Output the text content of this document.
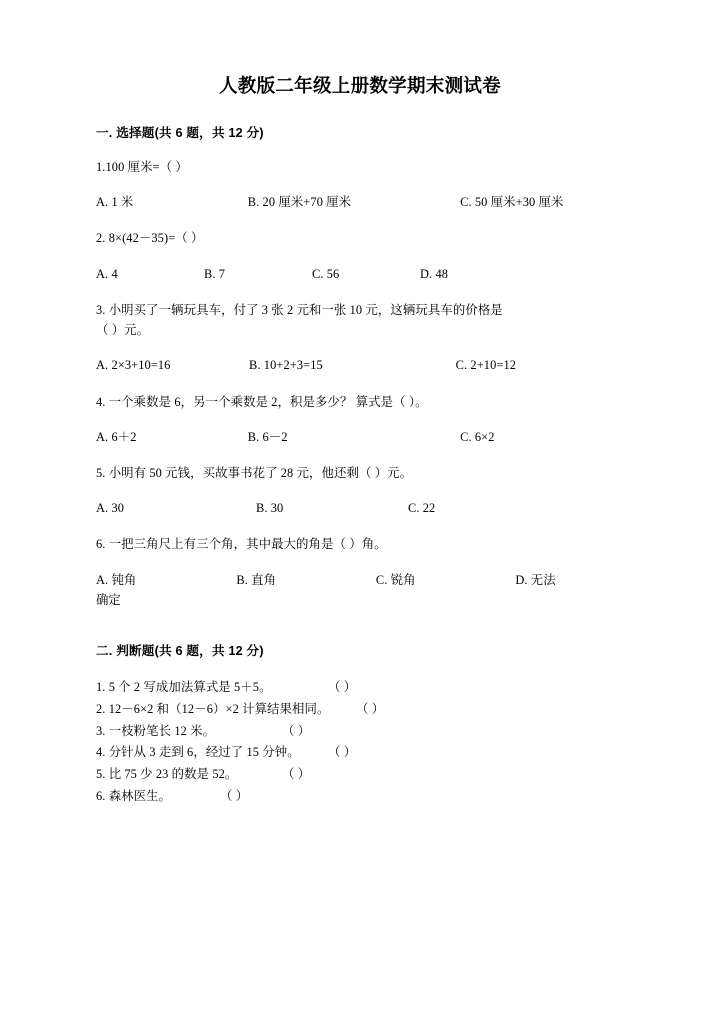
人教版二年级上册数学期末测试卷
一. 选择题(共 6 题，共 12 分)

1.100 厘米=（ ）

A. 1 米	B. 20 厘米+70 厘米	C. 50 厘米+30 厘米

2. 8×(42－35)=（ ）

A. 4	B. 7	C. 56	D. 48

3. 小明买了一辆玩具车，付了 3 张 2 元和一张 10 元，这辆玩具车的价格是

（ ）元。

A. 2×3+10=16	B. 10+2+3=15	C. 2+10=12

4. 一个乘数是 6，另一个乘数是 2，积是多少？ 算式是（ ）。

A. 6＋2	B. 6－2	C. 6×2

5. 小明有 50 元钱，买故事书花了 28 元，他还剩（ ）元。

A. 30	B. 30	C. 22

6. 一把三角尺上有三个角，其中最大的角是（ ）角。

A. 钝角	B. 直角	C. 锐角	D. 无法

确定

二. 判断题(共 6 题，共 12 分)

1. 5 个 2 写成加法算式是 5＋5。	（ ）

2. 12－6×2 和（12－6）×2 计算结果相同。	（ ）

3. 一枝粉笔长 12 米。	（ ）

4. 分针从 3 走到 6，经过了 15 分钟。	（ ）

5. 比 75 少 23 的数是 52。	（ ）

6. 森林医生。	（ ）
